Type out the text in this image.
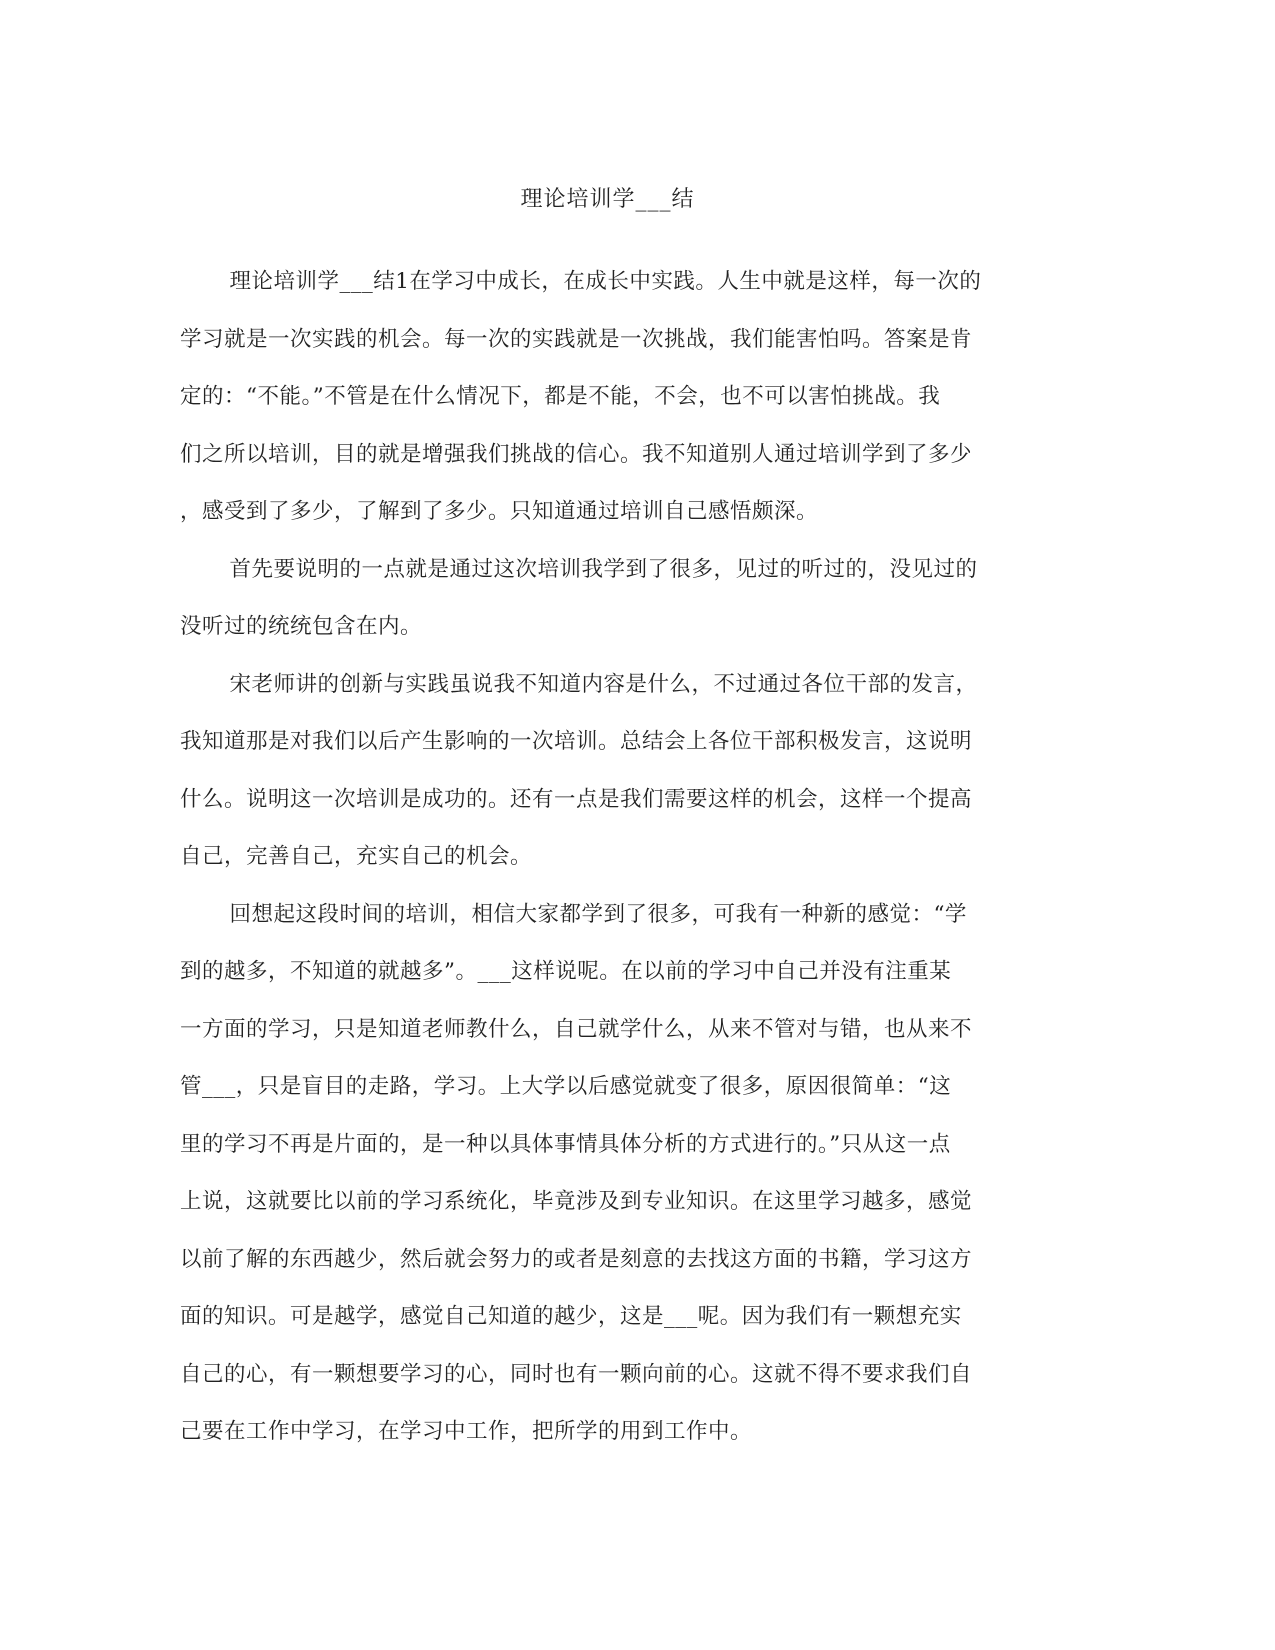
理论培训学___结

理论培训学___结1在学习中成长，在成长中实践。人生中就是这样，每一次的
学习就是一次实践的机会。每一次的实践就是一次挑战，我们能害怕吗。答案是肯
定的：“不能。”不管是在什么情况下，都是不能，不会，也不可以害怕挑战。我
们之所以培训，目的就是增强我们挑战的信心。我不知道别人通过培训学到了多少
，感受到了多少，了解到了多少。只知道通过培训自己感悟颇深。

首先要说明的一点就是通过这次培训我学到了很多，见过的听过的，没见过的
没听过的统统包含在内。

宋老师讲的创新与实践虽说我不知道内容是什么，不过通过各位干部的发言，
我知道那是对我们以后产生影响的一次培训。总结会上各位干部积极发言，这说明
什么。说明这一次培训是成功的。还有一点是我们需要这样的机会，这样一个提高
自己，完善自己，充实自己的机会。

回想起这段时间的培训，相信大家都学到了很多，可我有一种新的感觉：“学
到的越多，不知道的就越多”。___这样说呢。在以前的学习中自己并没有注重某
一方面的学习，只是知道老师教什么，自己就学什么，从来不管对与错，也从来不
管___，只是盲目的走路，学习。上大学以后感觉就变了很多，原因很简单：“这
里的学习不再是片面的，是一种以具体事情具体分析的方式进行的。”只从这一点
上说，这就要比以前的学习系统化，毕竟涉及到专业知识。在这里学习越多，感觉
以前了解的东西越少，然后就会努力的或者是刻意的去找这方面的书籍，学习这方
面的知识。可是越学，感觉自己知道的越少，这是___呢。因为我们有一颗想充实
自己的心，有一颗想要学习的心，同时也有一颗向前的心。这就不得不要求我们自
己要在工作中学习，在学习中工作，把所学的用到工作中。
